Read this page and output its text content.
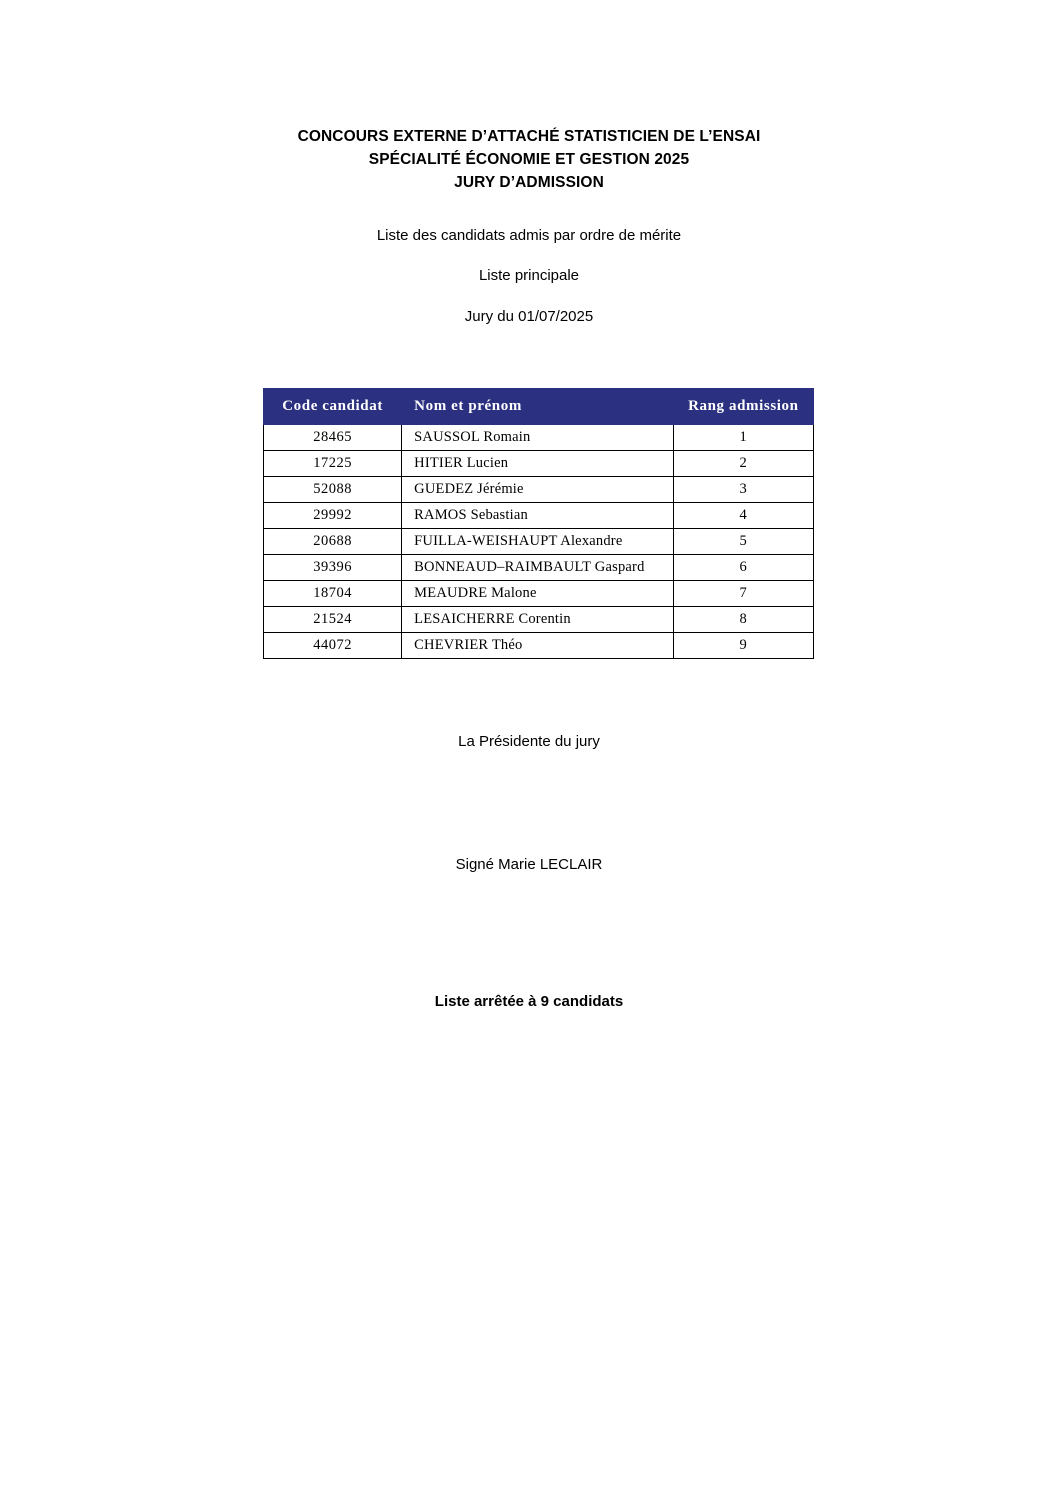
CONCOURS EXTERNE D’ATTACHÉ STATISTICIEN DE L’ENSAI
SPÉCIALITÉ ÉCONOMIE ET GESTION 2025
JURY D’ADMISSION
Liste des candidats admis par ordre de mérite
Liste principale
Jury du 01/07/2025
Code candidat	Nom et prénom	Rang admission
28465	SAUSSOL Romain	1
17225	HITIER Lucien	2
52088	GUEDEZ Jérémie	3
29992	RAMOS Sebastian	4
20688	FUILLA-WEISHAUPT Alexandre	5
39396	BONNEAUD–RAIMBAULT Gaspard	6
18704	MEAUDRE Malone	7
21524	LESAICHERRE Corentin	8
44072	CHEVRIER Théo	9
La Présidente du jury
Signé Marie LECLAIR
Liste arrêtée à 9 candidats
